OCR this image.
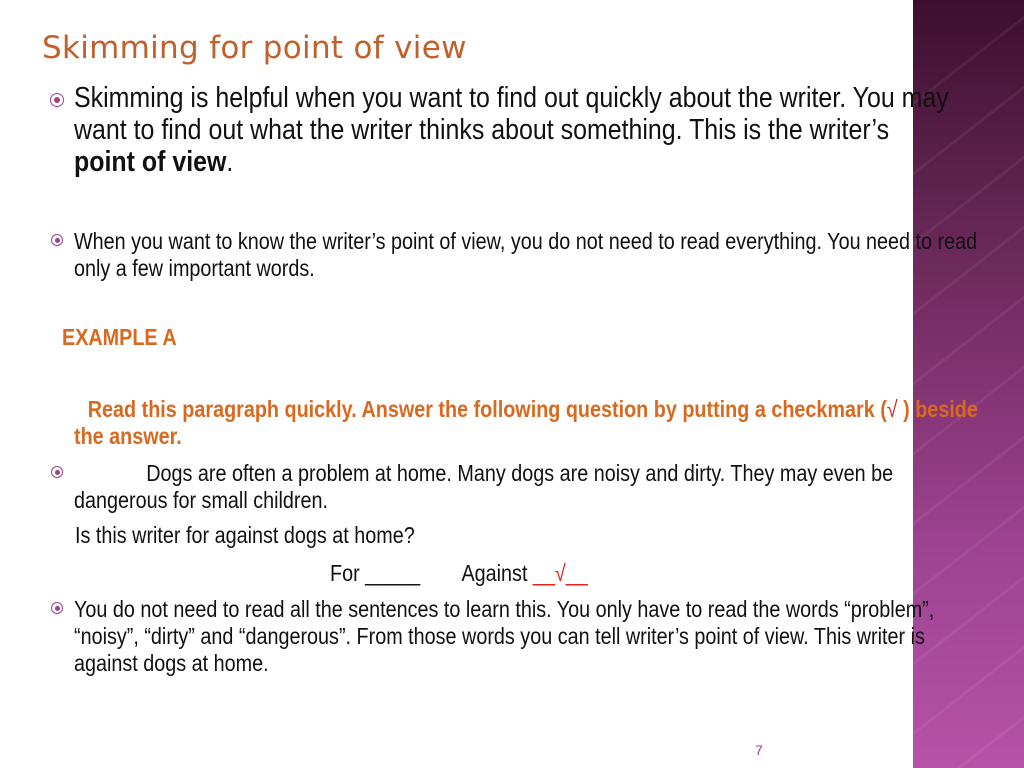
Skimming for point of view

Skimming is helpful when you want to find out quickly about the writer. You may want to find out what the writer thinks about something. This is the writer’s point of view.

When you want to know the writer’s point of view, you do not need to read everything. You need to read only a few important words.

EXAMPLE A

Read this paragraph quickly. Answer the following question by putting a checkmark (√ ) beside the answer.

Dogs are often a problem at home. Many dogs are noisy and dirty. They may even be dangerous for small children.

Is this writer for against dogs at home?

For _____ Against __√__

You do not need to read all the sentences to learn this. You only have to read the words “problem”, “noisy”, “dirty” and “dangerous”. From those words you can tell writer’s point of view. This writer is against dogs at home.

7
